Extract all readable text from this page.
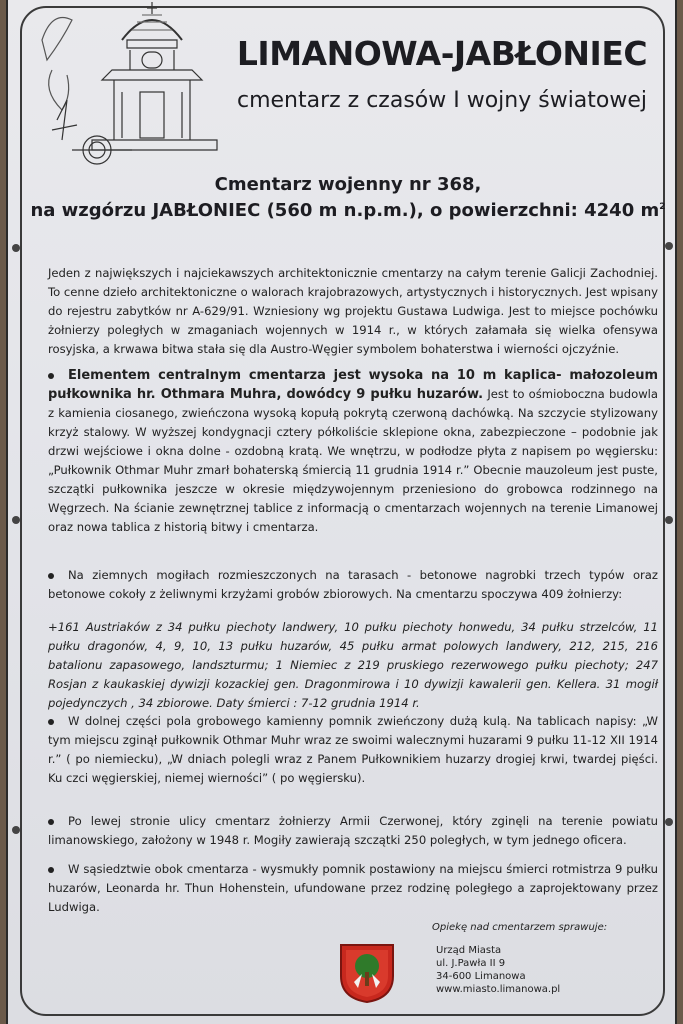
LIMANOWA-JABŁONIEC
cmentarz z czasów I wojny światowej
Cmentarz wojenny nr 368,
na wzgórzu JABŁONIEC (560 m n.p.m.), o powierzchni: 4240 $m^2$
Jeden z największych i najciekawszych architektonicznie cmentarzy na całym terenie Galicji Zachodniej. To cenne dzieło architektoniczne o walorach krajobrazowych, artystycznych i historycznych. Jest wpisany do rejestru zabytków nr A-629/91. Wzniesiony wg projektu Gustawa Ludwiga. Jest to miejsce pochówku żołnierzy poległych w zmaganiach wojennych w 1914 r., w których załamała się wielka ofensywa rosyjska, a krwawa bitwa stała się dla Austro-Węgier symbolem bohaterstwa i wierności ojczyźnie.
Elementem centralnym cmentarza jest wysoka na 10 m kaplica- małozoleum pułkownika hr. Othmara Muhra, dowódcy 9 pułku huzarów. Jest to ośmioboczna budowla z kamienia ciosanego, zwieńczona wysoką kopułą pokrytą czerwoną dachówką. Na szczycie stylizowany krzyż stalowy. W wyższej kondygnacji cztery półkoliście sklepione okna, zabezpieczone – podobnie jak drzwi wejściowe i okna dolne - ozdobną kratą. We wnętrzu, w podłodze płyta z napisem po węgiersku: „Pułkownik Othmar Muhr zmarł bohaterską śmiercią 11 grudnia 1914 r.” Obecnie mauzoleum jest puste, szczątki pułkownika jeszcze w okresie międzywojennym przeniesiono do grobowca rodzinnego na Węgrzech. Na ścianie zewnętrznej tablice z informacją o cmentarzach wojennych na terenie Limanowej oraz nowa tablica z historią bitwy i cmentarza.
Na ziemnych mogiłach rozmieszczonych na tarasach - betonowe nagrobki trzech typów oraz betonowe cokoły z żeliwnymi krzyżami grobów zbiorowych. Na cmentarzu spoczywa 409 żołnierzy:
+161 Austriaków z 34 pułku piechoty landwery, 10 pułku piechoty honwedu, 34 pułku strzelców, 11 pułku dragonów, 4, 9, 10, 13 pułku huzarów, 45 pułku armat polowych landwery, 212, 215, 216 batalionu zapasowego, landszturmu; 1 Niemiec z 219 pruskiego rezerwowego pułku piechoty; 247 Rosjan z kaukaskiej dywizji kozackiej gen. Dragonmirowa i 10 dywizji kawalerii gen. Kellera. 31 mogił pojedynczych , 34 zbiorowe. Daty śmierci : 7-12 grudnia 1914 r.
W dolnej części pola grobowego kamienny pomnik zwieńczony dużą kulą. Na tablicach napisy: „W tym miejscu zginął pułkownik Othmar Muhr wraz ze swoimi walecznymi huzarami 9 pułku 11-12 XII 1914 r.” ( po niemiecku), „W dniach polegli wraz z Panem Pułkownikiem huzarzy drogiej krwi, twardej pięści. Ku czci węgierskiej, niemej wierności” ( po węgiersku).
Po lewej stronie ulicy cmentarz żołnierzy Armii Czerwonej, który zginęli na terenie powiatu limanowskiego, założony w 1948 r. Mogiły zawierają szczątki 250 poległych, w tym jednego oficera.
W sąsiedztwie obok cmentarza - wysmukły pomnik postawiony na miejscu śmierci rotmistrza 9 pułku huzarów, Leonarda hr. Thun Hohenstein, ufundowane przez rodzinę poległego a zaprojektowany przez Ludwiga.
Opiekę nad cmentarzem sprawuje:
Urząd Miasta
ul. J.Pawła II 9
34-600 Limanowa
www.miasto.limanowa.pl
